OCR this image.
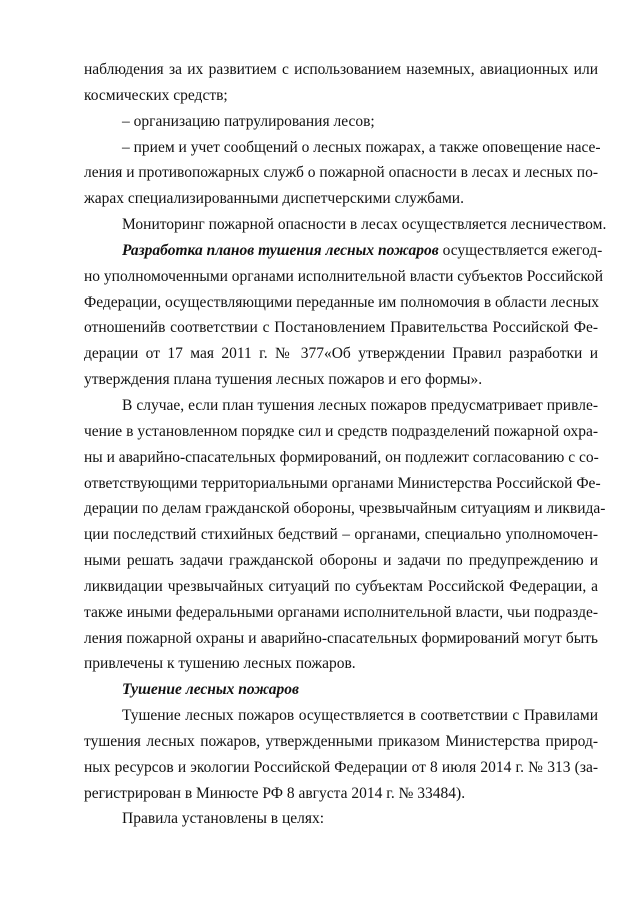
наблюдения за их развитием с использованием наземных, авиационных или
космических средств;
– организацию патрулирования лесов;
– прием и учет сообщений о лесных пожарах, а также оповещение насе-
ления и противопожарных служб о пожарной опасности в лесах и лесных по-
жарах специализированными диспетчерскими службами.
Мониторинг пожарной опасности в лесах осуществляется лесничеством.
Разработка планов тушения лесных пожаров осуществляется ежегод-
но уполномоченными органами исполнительной власти субъектов Российской
Федерации, осуществляющими переданные им полномочия в области лесных
отношенийв соответствии с Постановлением Правительства Российской Фе-
дерации от 17 мая 2011 г. № 377«Об утверждении Правил разработки и
утверждения плана тушения лесных пожаров и его формы».
В случае, если план тушения лесных пожаров предусматривает привле-
чение в установленном порядке сил и средств подразделений пожарной охра-
ны и аварийно-спасательных формирований, он подлежит согласованию с со-
ответствующими территориальными органами Министерства Российской Фе-
дерации по делам гражданской обороны, чрезвычайным ситуациям и ликвида-
ции последствий стихийных бедствий – органами, специально уполномочен-
ными решать задачи гражданской обороны и задачи по предупреждению и
ликвидации чрезвычайных ситуаций по субъектам Российской Федерации, а
также иными федеральными органами исполнительной власти, чьи подразде-
ления пожарной охраны и аварийно-спасательных формирований могут быть
привлечены к тушению лесных пожаров.
Тушение лесных пожаров
Тушение лесных пожаров осуществляется в соответствии с Правилами
тушения лесных пожаров, утвержденными приказом Министерства природ-
ных ресурсов и экологии Российской Федерации от 8 июля 2014 г. № 313 (за-
регистрирован в Минюсте РФ 8 августа 2014 г. № 33484).
Правила установлены в целях:
